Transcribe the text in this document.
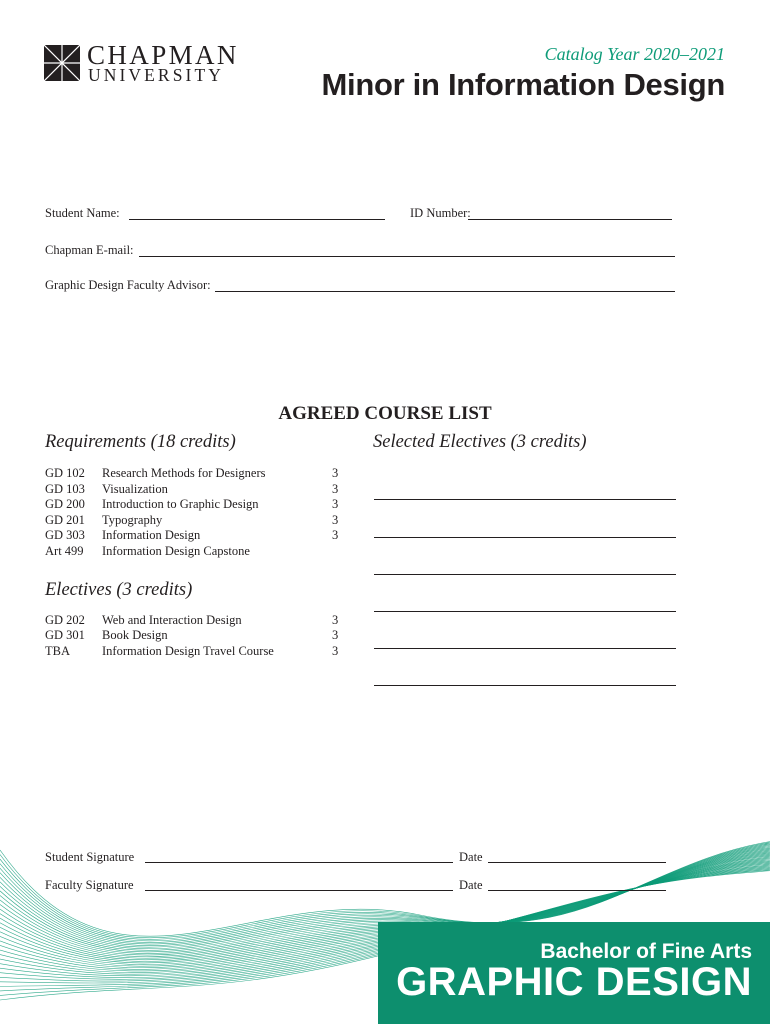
CHAPMAN
UNIVERSITY
Catalog Year 2020–2021
Minor in Information Design
Student Name:	ID Number:
Chapman E-mail:
Graphic Design Faculty Advisor:
AGREED COURSE LIST
Requirements (18 credits)	Selected Electives (3 credits)
GD 102 Research Methods for Designers	3
GD 103 Visualization	3
GD 200 Introduction to Graphic Design	3
GD 201 Typography	3
GD 303 Information Design	3
Art 499 Information Design Capstone
Electives (3 credits)
GD 202 Web and Interaction Design	3
GD 301 Book Design	3
TBA	Information Design Travel Course	3
Student Signature	Date
Faculty Signature	Date
Bachelor of Fine Arts
GRAPHIC DESIGN
